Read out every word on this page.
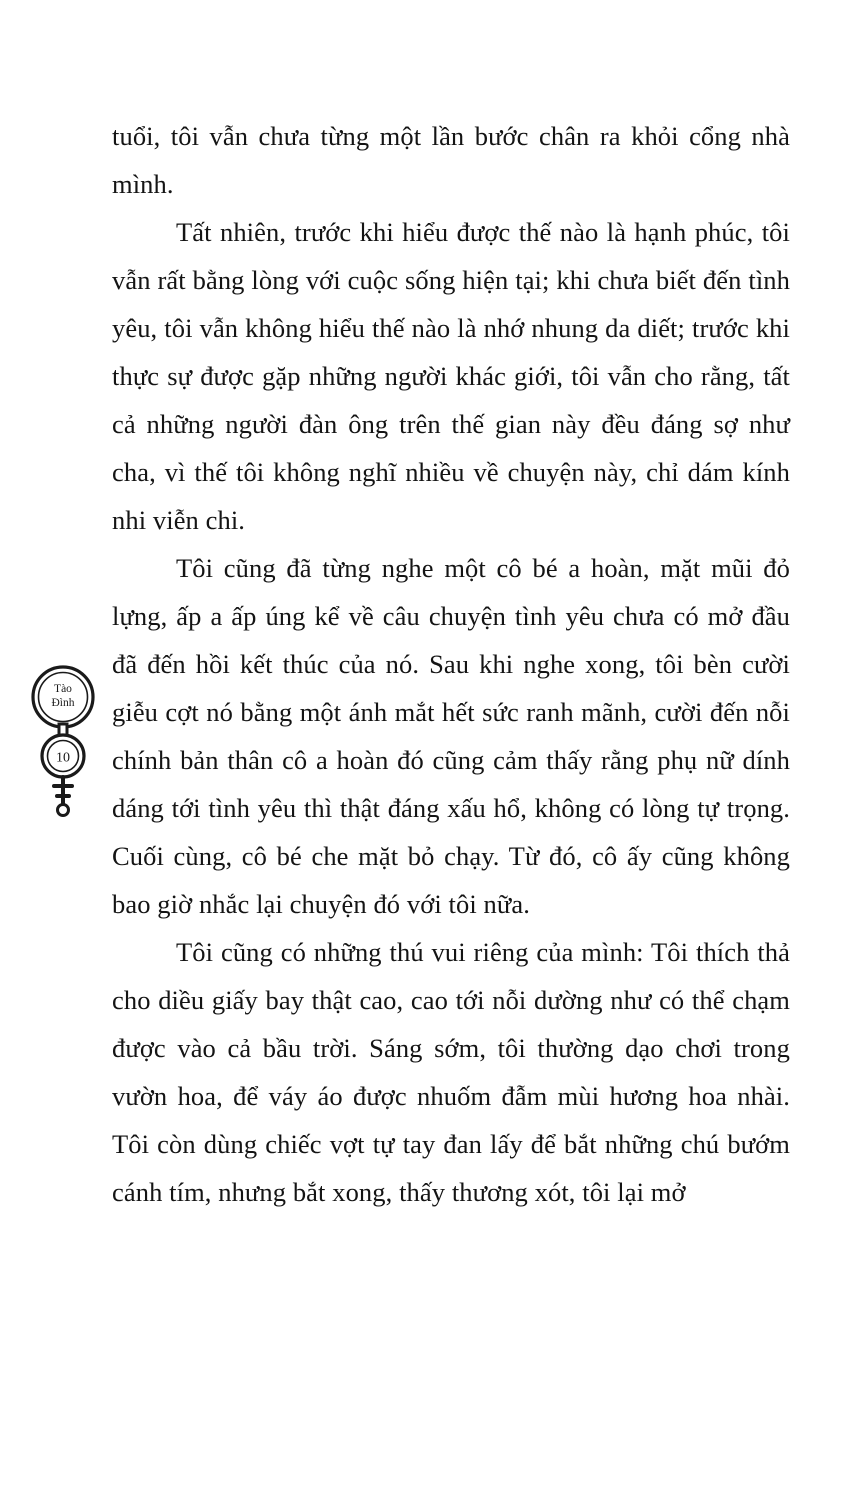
Tào
Đình
10

tuổi, tôi vẫn chưa từng một lần bước chân ra khỏi cổng nhà mình.

Tất nhiên, trước khi hiểu được thế nào là hạnh phúc, tôi vẫn rất bằng lòng với cuộc sống hiện tại; khi chưa biết đến tình yêu, tôi vẫn không hiểu thế nào là nhớ nhung da diết; trước khi thực sự được gặp những người khác giới, tôi vẫn cho rằng, tất cả những người đàn ông trên thế gian này đều đáng sợ như cha, vì thế tôi không nghĩ nhiều về chuyện này, chỉ dám kính nhi viễn chi.

Tôi cũng đã từng nghe một cô bé a hoàn, mặt mũi đỏ lựng, ấp a ấp úng kể về câu chuyện tình yêu chưa có mở đầu đã đến hồi kết thúc của nó. Sau khi nghe xong, tôi bèn cười giễu cợt nó bằng một ánh mắt hết sức ranh mãnh, cười đến nỗi chính bản thân cô a hoàn đó cũng cảm thấy rằng phụ nữ dính dáng tới tình yêu thì thật đáng xấu hổ, không có lòng tự trọng. Cuối cùng, cô bé che mặt bỏ chạy. Từ đó, cô ấy cũng không bao giờ nhắc lại chuyện đó với tôi nữa.

Tôi cũng có những thú vui riêng của mình: Tôi thích thả cho diều giấy bay thật cao, cao tới nỗi dường như có thể chạm được vào cả bầu trời. Sáng sớm, tôi thường dạo chơi trong vườn hoa, để váy áo được nhuốm đẫm mùi hương hoa nhài. Tôi còn dùng chiếc vợt tự tay đan lấy để bắt những chú bướm cánh tím, nhưng bắt xong, thấy thương xót, tôi lại mở
